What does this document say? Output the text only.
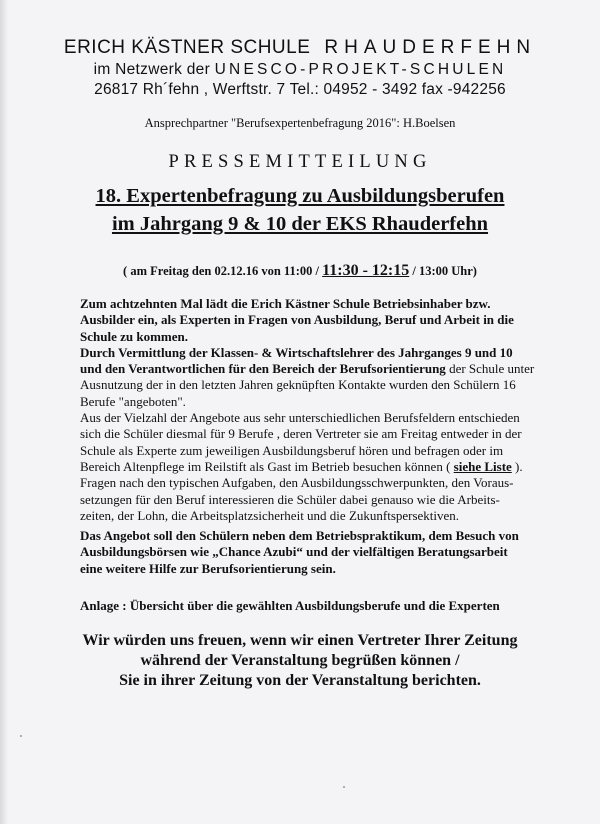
ERICH KÄSTNER SCHULE RHAUDERFEHN
im Netzwerk der UNESCO-PROJEKT-SCHULEN
26817 Rh´fehn , Werftstr. 7 Tel.: 04952 - 3492 fax -942256
Ansprechpartner "Berufsexpertenbefragung 2016": H.Boelsen
PRESSEMITTEILUNG
18. Expertenbefragung zu Ausbildungsberufen
im Jahrgang 9 & 10 der EKS Rhauderfehn
( am Freitag den 02.12.16 von 11:00 / 11:30 - 12:15 / 13:00 Uhr)
Zum achtzehnten Mal lädt die Erich Kästner Schule Betriebsinhaber bzw.
Ausbilder ein, als Experten in Fragen von Ausbildung, Beruf und Arbeit in die
Schule zu kommen.
Durch Vermittlung der Klassen- & Wirtschaftslehrer des Jahrganges 9 und 10
und den Verantwortlichen für den Bereich der Berufsorientierung der Schule unter
Ausnutzung der in den letzten Jahren geknüpften Kontakte wurden den Schülern 16
Berufe "angeboten".
Aus der Vielzahl der Angebote aus sehr unterschiedlichen Berufsfeldern entschieden
sich die Schüler diesmal für 9 Berufe , deren Vertreter sie am Freitag entweder in der
Schule als Experte zum jeweiligen Ausbildungsberuf hören und befragen oder im
Bereich Altenpflege im Reilstift als Gast im Betrieb besuchen können ( siehe Liste ).
Fragen nach den typischen Aufgaben, den Ausbildungsschwerpunkten, den Voraus-
setzungen für den Beruf interessieren die Schüler dabei genauso wie die Arbeits-
zeiten, der Lohn, die Arbeitsplatzsicherheit und die Zukunftspersektiven.
Das Angebot soll den Schülern neben dem Betriebspraktikum, dem Besuch von
Ausbildungsbörsen wie „Chance Azubi“ und der vielfältigen Beratungsarbeit
eine weitere Hilfe zur Berufsorientierung sein.
Anlage : Übersicht über die gewählten Ausbildungsberufe und die Experten
Wir würden uns freuen, wenn wir einen Vertreter Ihrer Zeitung
während der Veranstaltung begrüßen können /
Sie in ihrer Zeitung von der Veranstaltung berichten.
